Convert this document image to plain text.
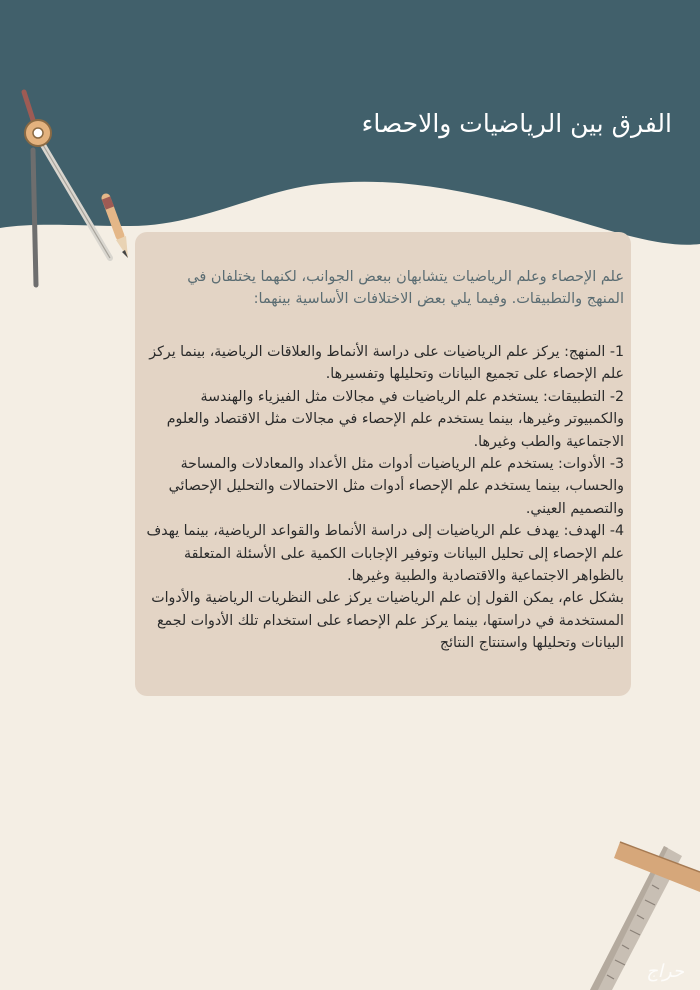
الفرق بين الرياضيات والاحصاء

علم الإحصاء وعلم الرياضيات يتشابهان ببعض الجوانب، لكنهما يختلفان في المنهج والتطبيقات. وفيما يلي بعض الاختلافات الأساسية بينهما:

1- المنهج: يركز علم الرياضيات على دراسة الأنماط والعلاقات الرياضية، بينما يركز علم الإحصاء على تجميع البيانات وتحليلها وتفسيرها.

2- التطبيقات: يستخدم علم الرياضيات في مجالات مثل الفيزياء والهندسة والكمبيوتر وغيرها، بينما يستخدم علم الإحصاء في مجالات مثل الاقتصاد والعلوم الاجتماعية والطب وغيرها.

3- الأدوات: يستخدم علم الرياضيات أدوات مثل الأعداد والمعادلات والمساحة والحساب، بينما يستخدم علم الإحصاء أدوات مثل الاحتمالات والتحليل الإحصائي والتصميم العيني.

4- الهدف: يهدف علم الرياضيات إلى دراسة الأنماط والقواعد الرياضية، بينما يهدف علم الإحصاء إلى تحليل البيانات وتوفير الإجابات الكمية على الأسئلة المتعلقة بالظواهر الاجتماعية والاقتصادية والطبية وغيرها.

بشكل عام، يمكن القول إن علم الرياضيات يركز على النظريات الرياضية والأدوات المستخدمة في دراستها، بينما يركز علم الإحصاء على استخدام تلك الأدوات لجمع البيانات وتحليلها واستنتاج النتائج

حراج
